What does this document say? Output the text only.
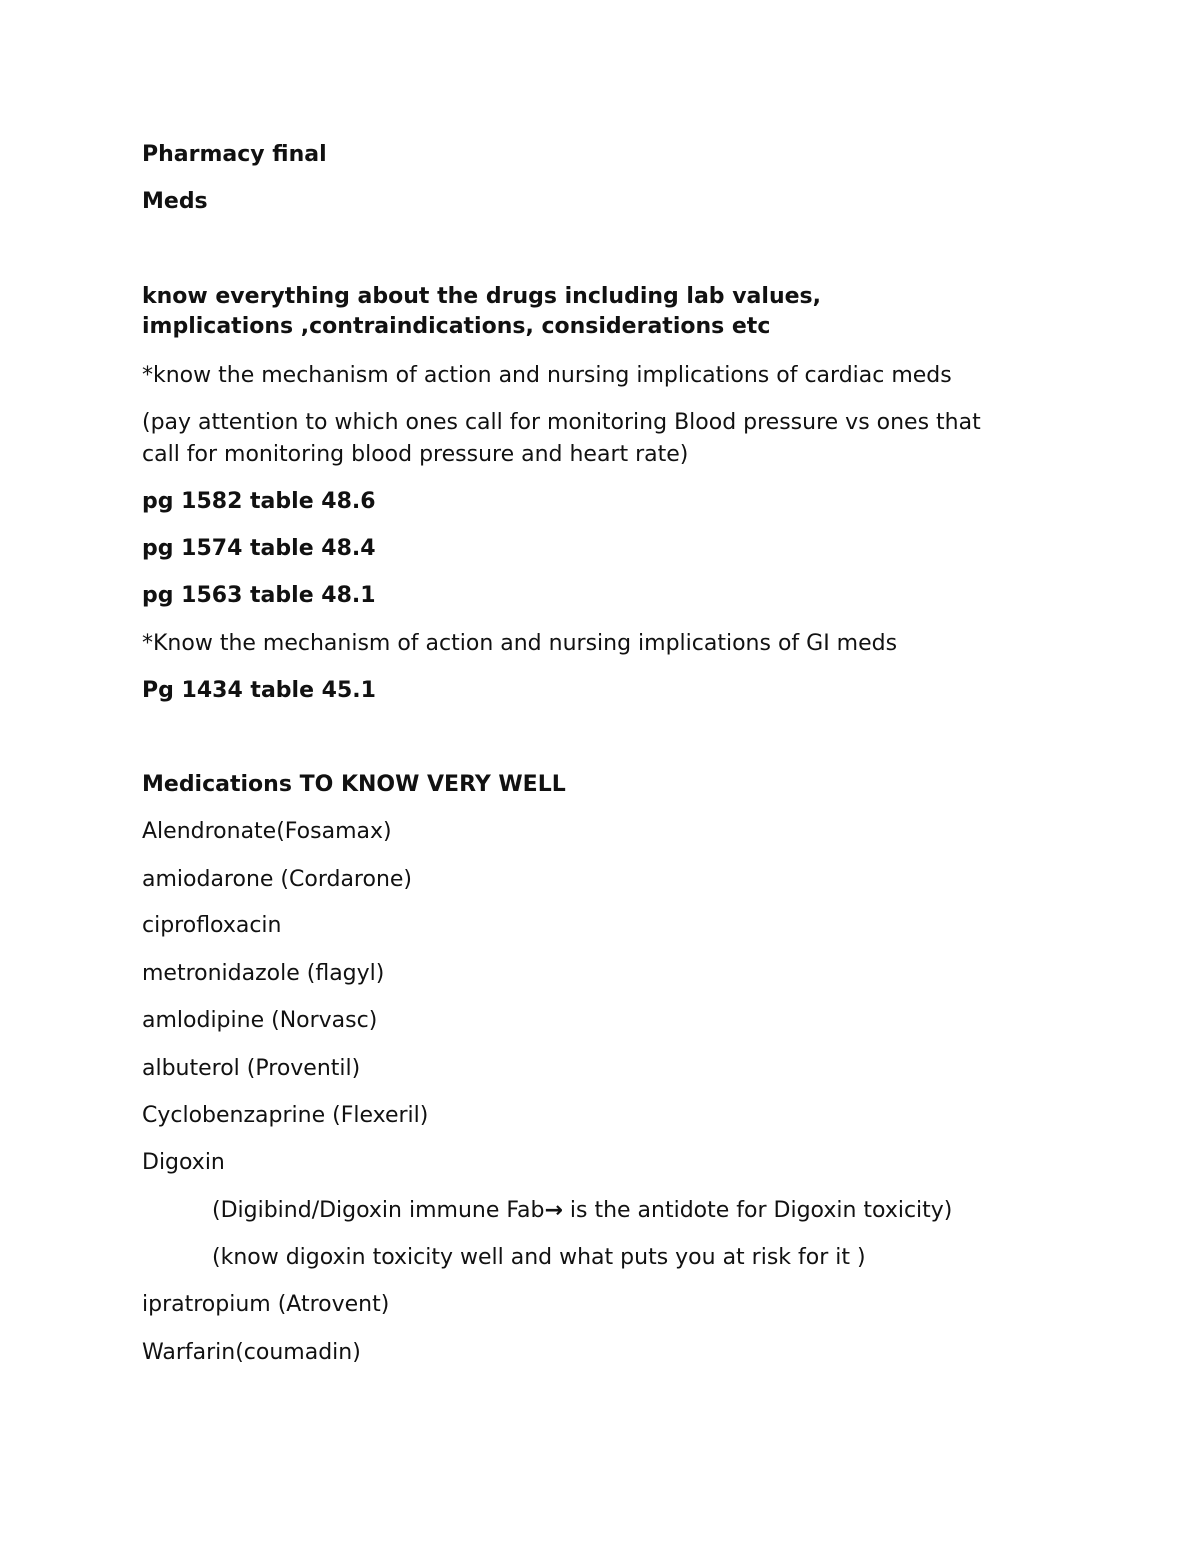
Pharmacy final

Meds

know everything about the drugs including lab values,

implications ,contraindications, considerations etc

*know the mechanism of action and nursing implications of cardiac meds

(pay attention to which ones call for monitoring Blood pressure vs ones that

call for monitoring blood pressure and heart rate)

pg 1582 table 48.6

pg 1574 table 48.4

pg 1563 table 48.1

*Know the mechanism of action and nursing implications of GI meds

Pg 1434 table 45.1

Medications TO KNOW VERY WELL

Alendronate(Fosamax)

amiodarone (Cordarone)

ciprofloxacin

metronidazole (flagyl)

amlodipine (Norvasc)

albuterol (Proventil)

Cyclobenzaprine (Flexeril)

Digoxin

(Digibind/Digoxin immune Fab→ is the antidote for Digoxin toxicity)

(know digoxin toxicity well and what puts you at risk for it )

ipratropium (Atrovent)

Warfarin(coumadin)
